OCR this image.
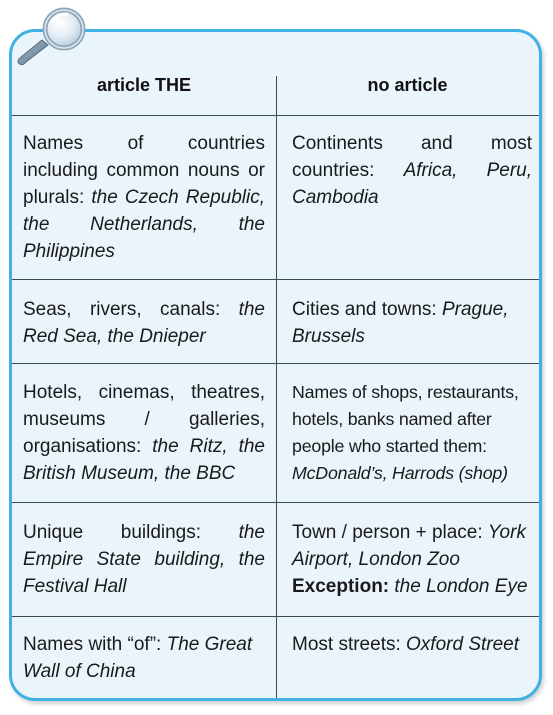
article THE	no article
Names of countries including common nouns or plurals: the Czech Republic, the Netherlands, the Philippines
Continents and most countries: Africa, Peru, Cambodia
Seas, rivers, canals: the Red Sea, the Dnieper
Cities and towns: Prague, Brussels
Hotels, cinemas, theatres, museums / galleries, organisations: the Ritz, the British Museum, the BBC
Names of shops, restaurants, hotels, banks named after people who started them: McDonald’s, Harrods (shop)
Unique buildings: the Empire State building, the Festival Hall
Town / person + place: York Airport, London Zoo
Exception: the London Eye
Names with “of”: The Great Wall of China
Most streets: Oxford Street
